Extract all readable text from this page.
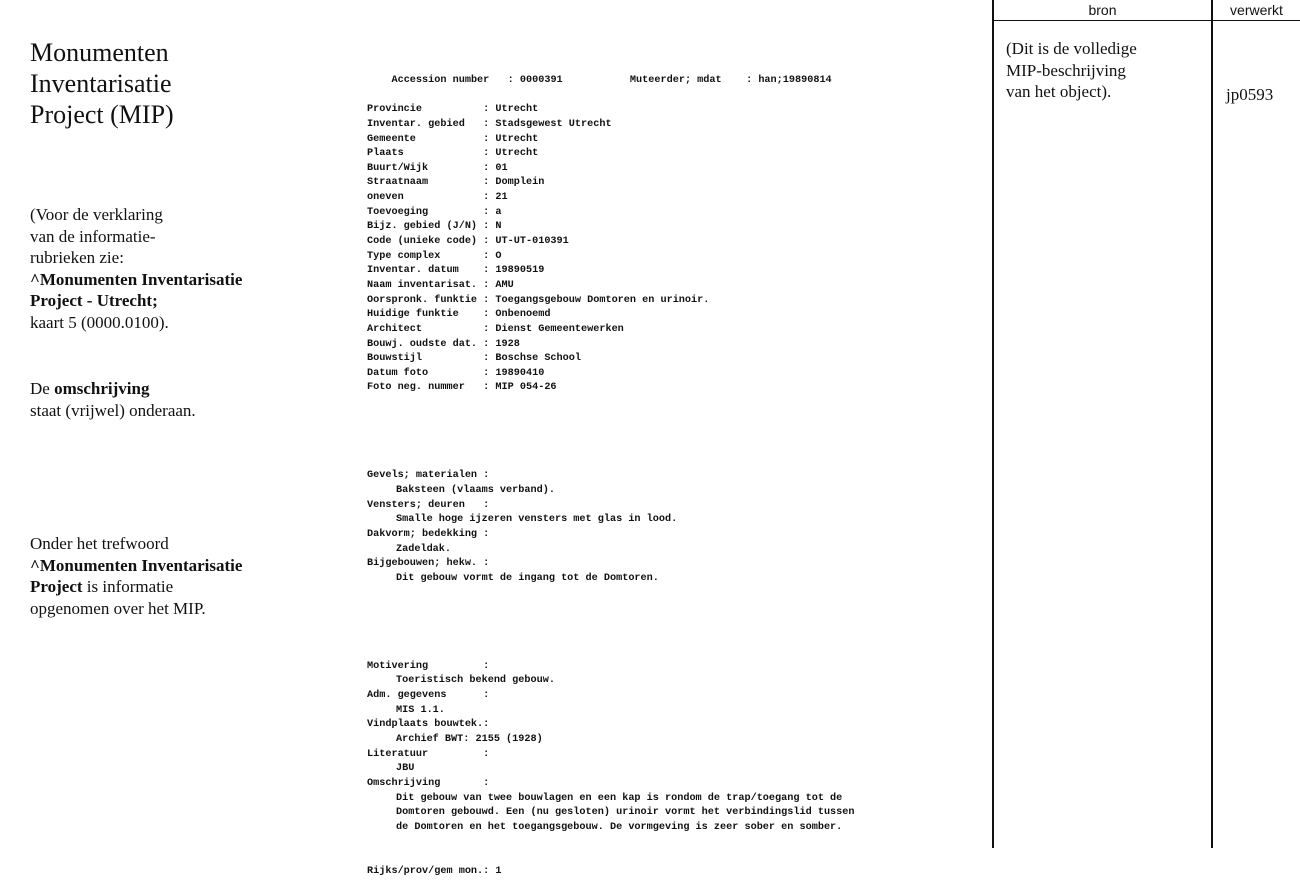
Monumenten
Inventarisatie
Project (MIP)
(Voor de verklaring
van de informatie-
rubrieken zie:
^Monumenten Inventarisatie
Project - Utrecht;
kaart 5 (0000.0100).
De omschrijving
staat (vrijwel) onderaan.
Onder het trefwoord
^Monumenten Inventarisatie
Project is informatie
opgenomen over het MIP.

Accession number   : 0000391	Muteerder; mdat    : han;19890814

Provincie          : Utrecht
Inventar. gebied   : Stadsgewest Utrecht
Gemeente           : Utrecht
Plaats             : Utrecht
Buurt/Wijk         : 01
Straatnaam         : Domplein
oneven             : 21
Toevoeging         : a
Bijz. gebied (J/N) : N
Code (unieke code) : UT-UT-010391
Type complex       : O
Inventar. datum    : 19890519
Naam inventarisat. : AMU
Oorspronk. funktie : Toegangsgebouw Domtoren en urinoir.
Huidige funktie    : Onbenoemd
Architect          : Dienst Gemeentewerken
Bouwj. oudste dat. : 1928
Bouwstijl          : Boschse School
Datum foto         : 19890410
Foto neg. nummer   : MIP 054-26

Gevels; materialen :
Baksteen (vlaams verband).
Vensters; deuren   :
Smalle hoge ijzeren vensters met glas in lood.
Dakvorm; bedekking :
Zadeldak.
Bijgebouwen; hekw. :
Dit gebouw vormt de ingang tot de Domtoren.

Motivering         :
Toeristisch bekend gebouw.
Adm. gegevens      :
MIS 1.1.
Vindplaats bouwtek.:
Archief BWT: 2155 (1928)
Literatuur         :
JBU
Omschrijving       :
Dit gebouw van twee bouwlagen en een kap is rondom de trap/toegang tot de
Domtoren gebouwd. Een (nu gesloten) urinoir vormt het verbindingslid tussen
de Domtoren en het toegangsgebouw. De vormgeving is zeer sober en somber.

Rijks/prov/gem mon.: 1

bron	verwerkt
(Dit is de volledige
MIP-beschrijving
van het object).	jp0593
